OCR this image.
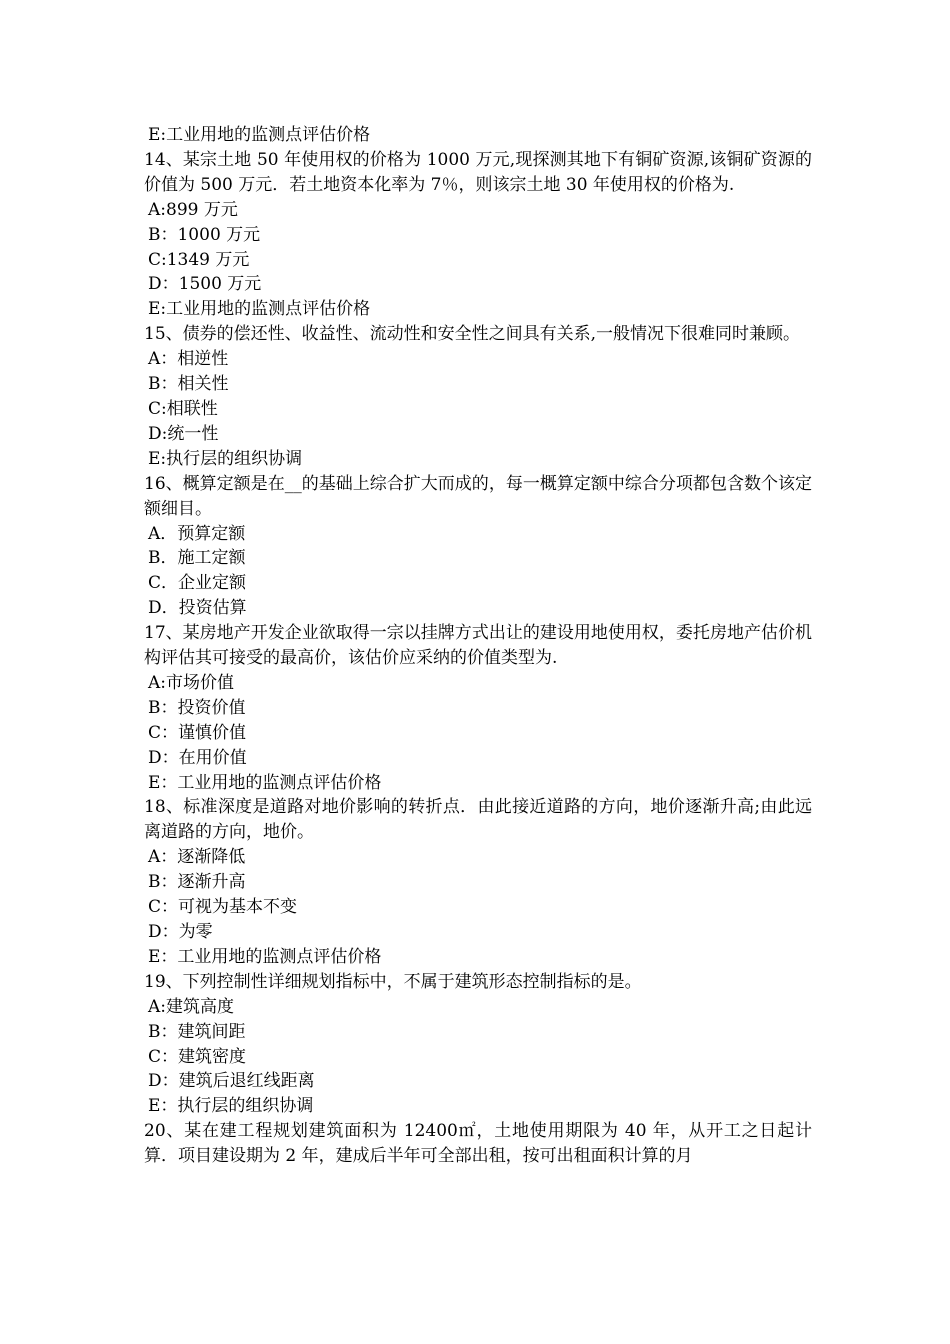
E:工业用地的监测点评估价格

14、某宗土地 50 年使用权的价格为 1000 万元,现探测其地下有铜矿资源,该铜矿资源的价值为 500 万元．若土地资本化率为 7％，则该宗土地 30 年使用权的价格为.

A:899 万元

B：1000 万元

C:1349 万元

D：1500 万元

E:工业用地的监测点评估价格

15、债券的偿还性、收益性、流动性和安全性之间具有关系,一般情况下很难同时兼顾。

A：相逆性

B：相关性

C:相联性

D:统一性

E:执行层的组织协调

16、概算定额是在__的基础上综合扩大而成的，每一概算定额中综合分项都包含数个该定额细目。

A．预算定额

B．施工定额

C．企业定额

D．投资估算

17、某房地产开发企业欲取得一宗以挂牌方式出让的建设用地使用权，委托房地产估价机构评估其可接受的最高价，该估价应采纳的价值类型为.

A:市场价值

B：投资价值

C：谨慎价值

D：在用价值

E：工业用地的监测点评估价格

18、标准深度是道路对地价影响的转折点．由此接近道路的方向，地价逐渐升高;由此远离道路的方向，地价。

A：逐渐降低

B：逐渐升高

C：可视为基本不变

D：为零

E：工业用地的监测点评估价格

19、下列控制性详细规划指标中，不属于建筑形态控制指标的是。

A:建筑高度

B：建筑间距

C：建筑密度

D：建筑后退红线距离

E：执行层的组织协调

20、某在建工程规划建筑面积为 12400㎡，土地使用期限为 40 年，从开工之日起计算．项目建设期为 2 年，建成后半年可全部出租，按可出租面积计算的月
